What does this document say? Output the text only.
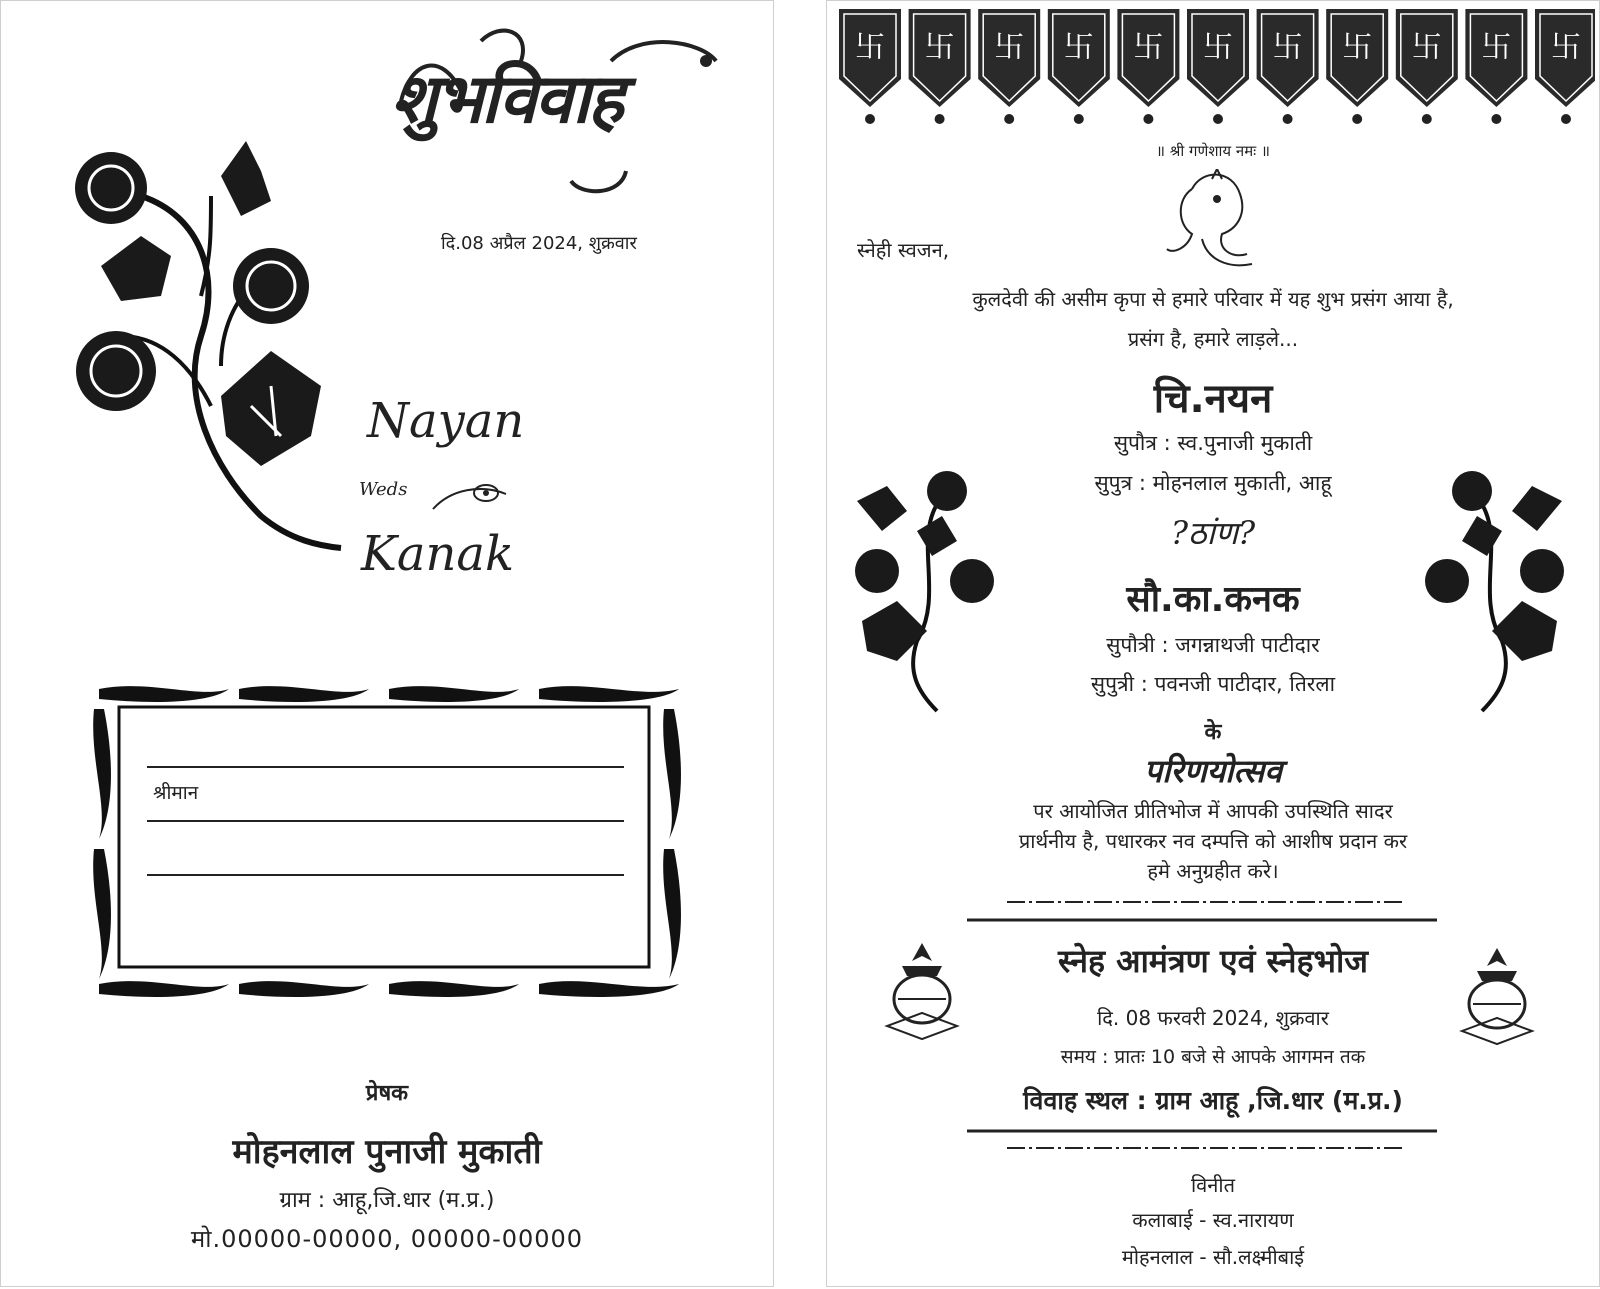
शुभविवाह
दि.08 अप्रैल 2024, शुक्रवार
Nayan
Weds
Kanak
श्रीमान
प्रेषक
मोहनलाल पुनाजी मुकाती
ग्राम : आहू,जि.धार (म.प्र.)
मो.00000-00000, 00000-00000
卐 卐 卐 卐 卐 卐 卐 卐 卐 卐 卐
॥ श्री गणेशाय नमः ॥
स्नेही स्वजन,
कुलदेवी की असीम कृपा से हमारे परिवार में यह शुभ प्रसंग आया है,
प्रसंग है, हमारे लाड़ले...
चि.नयन
सुपौत्र : स्व.पुनाजी मुकाती
सुपुत्र : मोहनलाल मुकाती, आहू
?ठांण?
सौ.का.कनक
सुपौत्री : जगन्नाथजी पाटीदार
सुपुत्री : पवनजी पाटीदार, तिरला
के
परिणयोत्सव
पर आयोजित प्रीतिभोज में आपकी उपस्थिति सादर
प्रार्थनीय है, पधारकर नव दम्पत्ति को आशीष प्रदान कर
हमे अनुग्रहीत करे।
स्नेह आमंत्रण एवं स्नेहभोज
दि. 08 फरवरी 2024, शुक्रवार
समय : प्रातः 10 बजे से आपके आगमन तक
विवाह स्थल : ग्राम आहू ,जि.धार (म.प्र.)
विनीत
कलाबाई - स्व.नारायण
मोहनलाल - सौ.लक्ष्मीबाई
